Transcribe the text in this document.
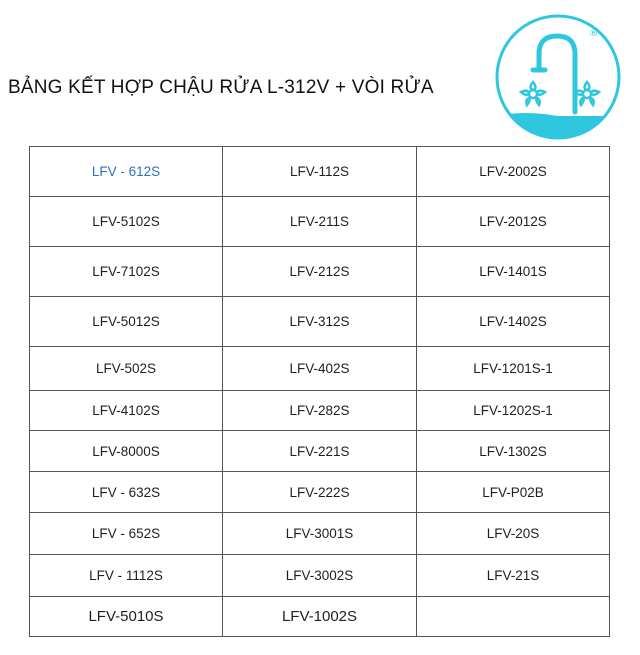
BẢNG KẾT HỢP CHẬU RỬA L-312V + VÒI RỬA
®
LFV - 612S	LFV-112S	LFV-2002S
LFV-5102S	LFV-211S	LFV-2012S
LFV-7102S	LFV-212S	LFV-1401S
LFV-5012S	LFV-312S	LFV-1402S
LFV-502S	LFV-402S	LFV-1201S-1
LFV-4102S	LFV-282S	LFV-1202S-1
LFV-8000S	LFV-221S	LFV-1302S
LFV - 632S	LFV-222S	LFV-P02B
LFV - 652S	LFV-3001S	LFV-20S
LFV - 1112S	LFV-3002S	LFV-21S
LFV-5010S	LFV-1002S	
